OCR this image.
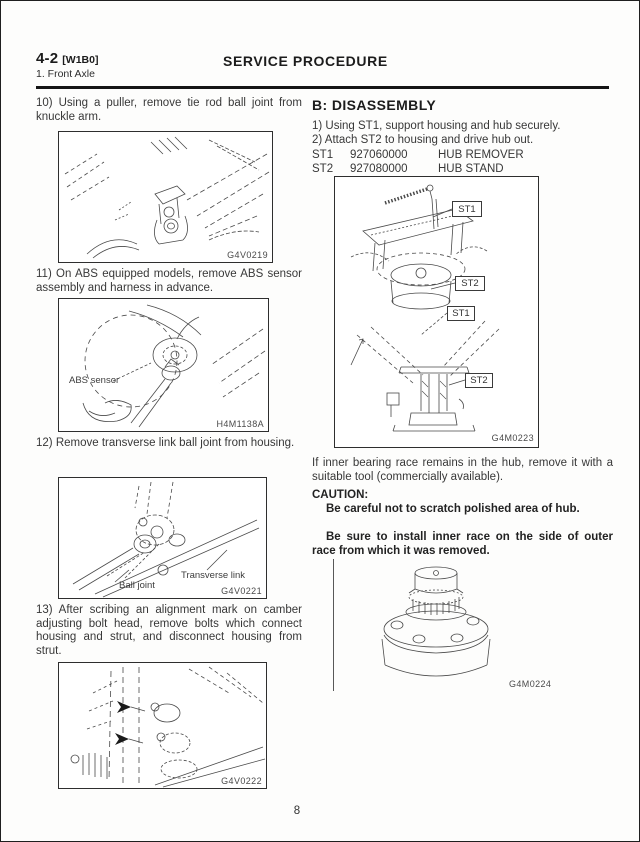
4-2 [W1B0]
1. Front Axle
SERVICE PROCEDURE
10) Using a puller, remove tie rod ball joint from knuckle arm.
G4V0219
11) On ABS equipped models, remove ABS sensor assembly and harness in advance.
ABS sensor
H4M1138A
12) Remove transverse link ball joint from housing.
Ball joint
Transverse link
G4V0221
13) After scribing an alignment mark on camber adjusting bolt head, remove bolts which connect housing and strut, and disconnect housing from strut.
G4V0222
B: DISASSEMBLY
1) Using ST1, support housing and hub securely.
2) Attach ST2 to housing and drive hub out.
ST1	927060000	HUB REMOVER
ST2	927080000	HUB STAND
ST1
ST2
ST1
ST2
G4M0223
If inner bearing race remains in the hub, remove it with a suitable tool (commercially available).
CAUTION:
Be careful not to scratch polished area of hub.
Be sure to install inner race on the side of outer race from which it was removed.
G4M0224
8
